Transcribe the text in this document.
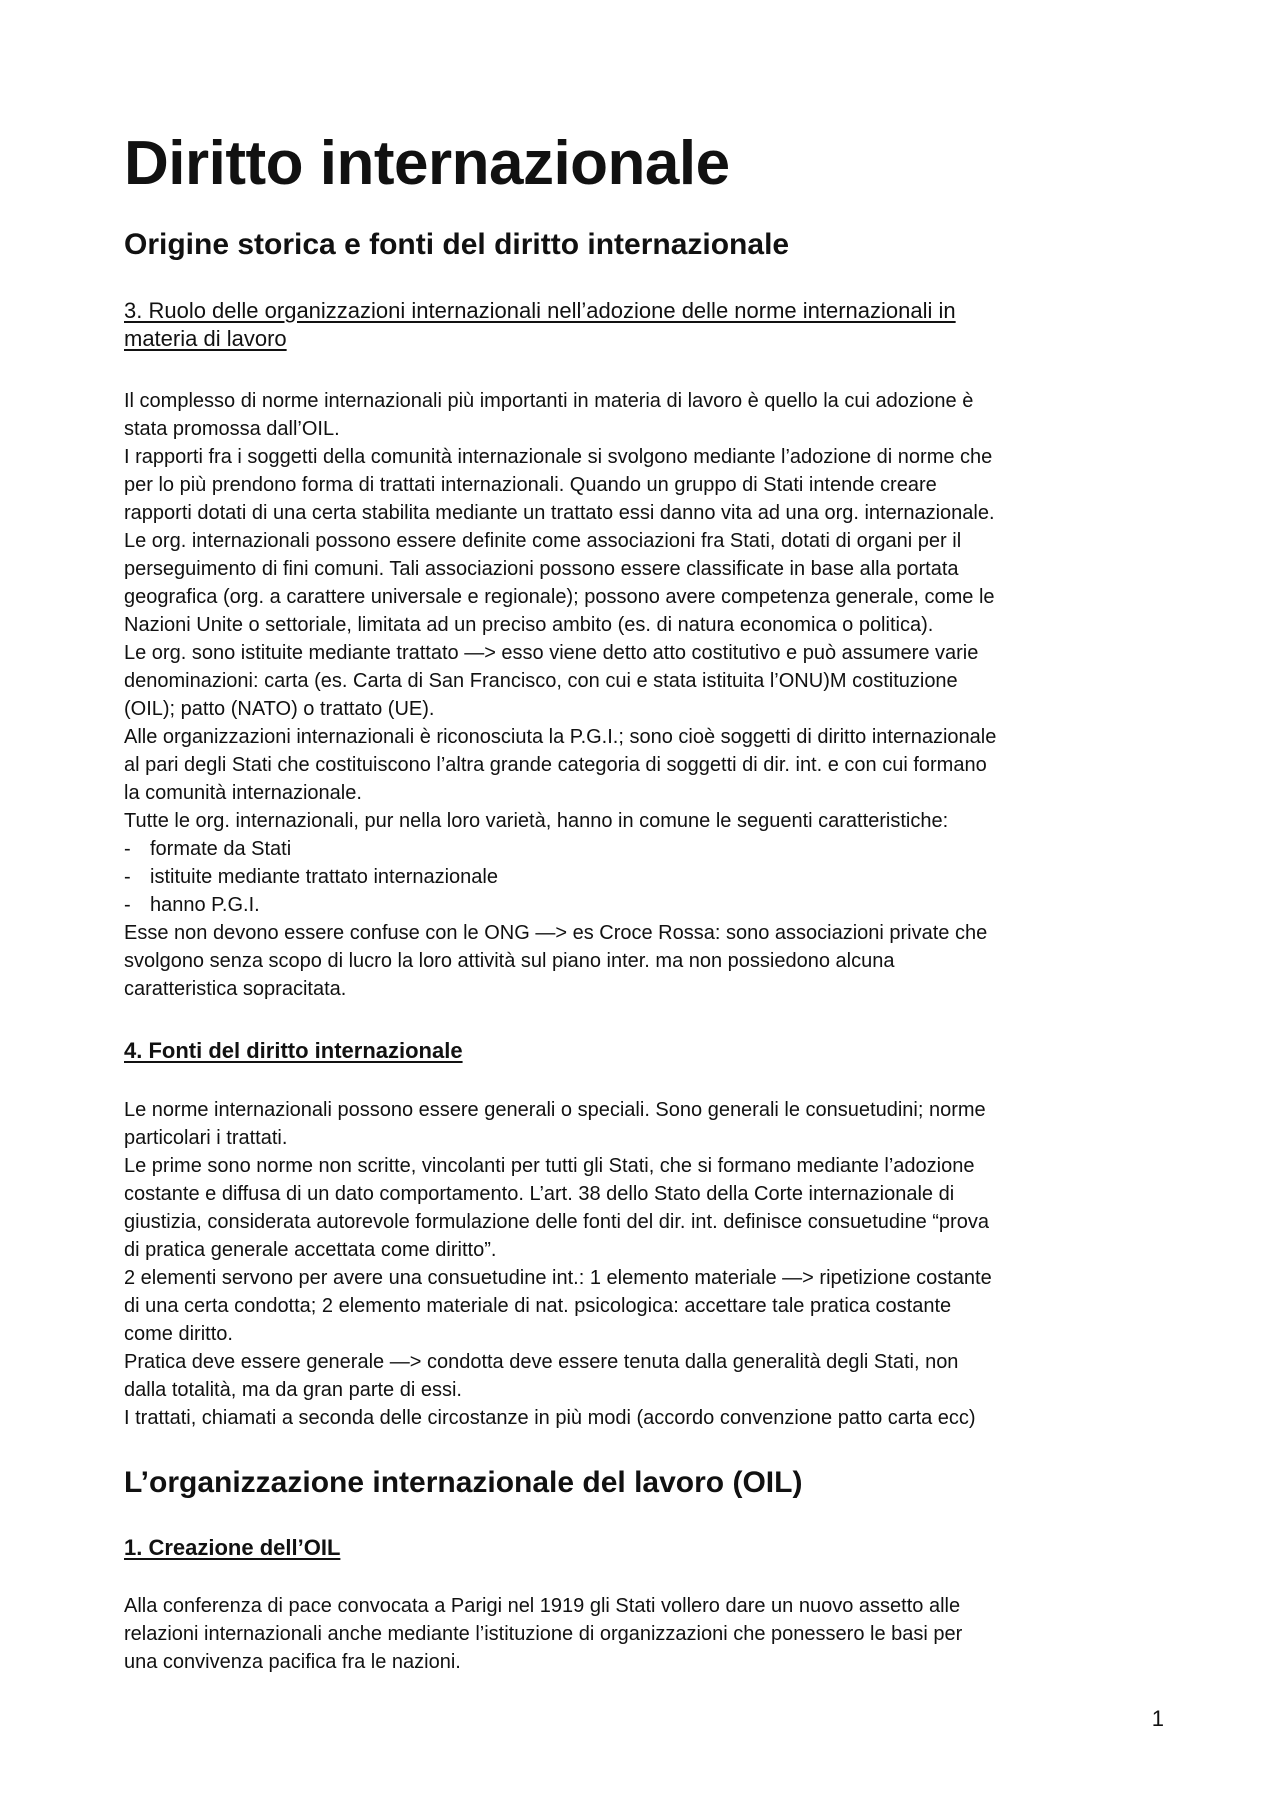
Diritto internazionale
Origine storica e fonti del diritto internazionale
3. Ruolo delle organizzazioni internazionali nell’adozione delle norme internazionali in
materia di lavoro
Il complesso di norme internazionali più importanti in materia di lavoro è quello la cui adozione è
stata promossa dall’OIL.
I rapporti fra i soggetti della comunità internazionale si svolgono mediante l’adozione di norme che
per lo più prendono forma di trattati internazionali. Quando un gruppo di Stati intende creare
rapporti dotati di una certa stabilita mediante un trattato essi danno vita ad una org. internazionale.
Le org. internazionali possono essere definite come associazioni fra Stati, dotati di organi per il
perseguimento di fini comuni. Tali associazioni possono essere classificate in base alla portata
geografica (org. a carattere universale e regionale); possono avere competenza generale, come le
Nazioni Unite o settoriale, limitata ad un preciso ambito (es. di natura economica o politica).
Le org. sono istituite mediante trattato —> esso viene detto atto costitutivo e può assumere varie
denominazioni: carta (es. Carta di San Francisco, con cui e stata istituita l’ONU)M costituzione
(OIL); patto (NATO) o trattato (UE).
Alle organizzazioni internazionali è riconosciuta la P.G.I.; sono cioè soggetti di diritto internazionale
al pari degli Stati che costituiscono l’altra grande categoria di soggetti di dir. int. e con cui formano
la comunità internazionale.
Tutte le org. internazionali, pur nella loro varietà, hanno in comune le seguenti caratteristiche:
- formate da Stati
- istituite mediante trattato internazionale
- hanno P.G.I.
Esse non devono essere confuse con le ONG —> es Croce Rossa: sono associazioni private che
svolgono senza scopo di lucro la loro attività sul piano inter. ma non possiedono alcuna
caratteristica sopracitata.
4. Fonti del diritto internazionale
Le norme internazionali possono essere generali o speciali. Sono generali le consuetudini; norme
particolari i trattati.
Le prime sono norme non scritte, vincolanti per tutti gli Stati, che si formano mediante l’adozione
costante e diffusa di un dato comportamento. L’art. 38 dello Stato della Corte internazionale di
giustizia, considerata autorevole formulazione delle fonti del dir. int. definisce consuetudine “prova
di pratica generale accettata come diritto”.
2 elementi servono per avere una consuetudine int.: 1 elemento materiale —> ripetizione costante
di una certa condotta; 2 elemento materiale di nat. psicologica: accettare tale pratica costante
come diritto.
Pratica deve essere generale —> condotta deve essere tenuta dalla generalità degli Stati, non
dalla totalità, ma da gran parte di essi.
I trattati, chiamati a seconda delle circostanze in più modi (accordo convenzione patto carta ecc)
L’organizzazione internazionale del lavoro (OIL)
1. Creazione dell’OIL
Alla conferenza di pace convocata a Parigi nel 1919 gli Stati vollero dare un nuovo assetto alle
relazioni internazionali anche mediante l’istituzione di organizzazioni che ponessero le basi per
una convivenza pacifica fra le nazioni.
1
